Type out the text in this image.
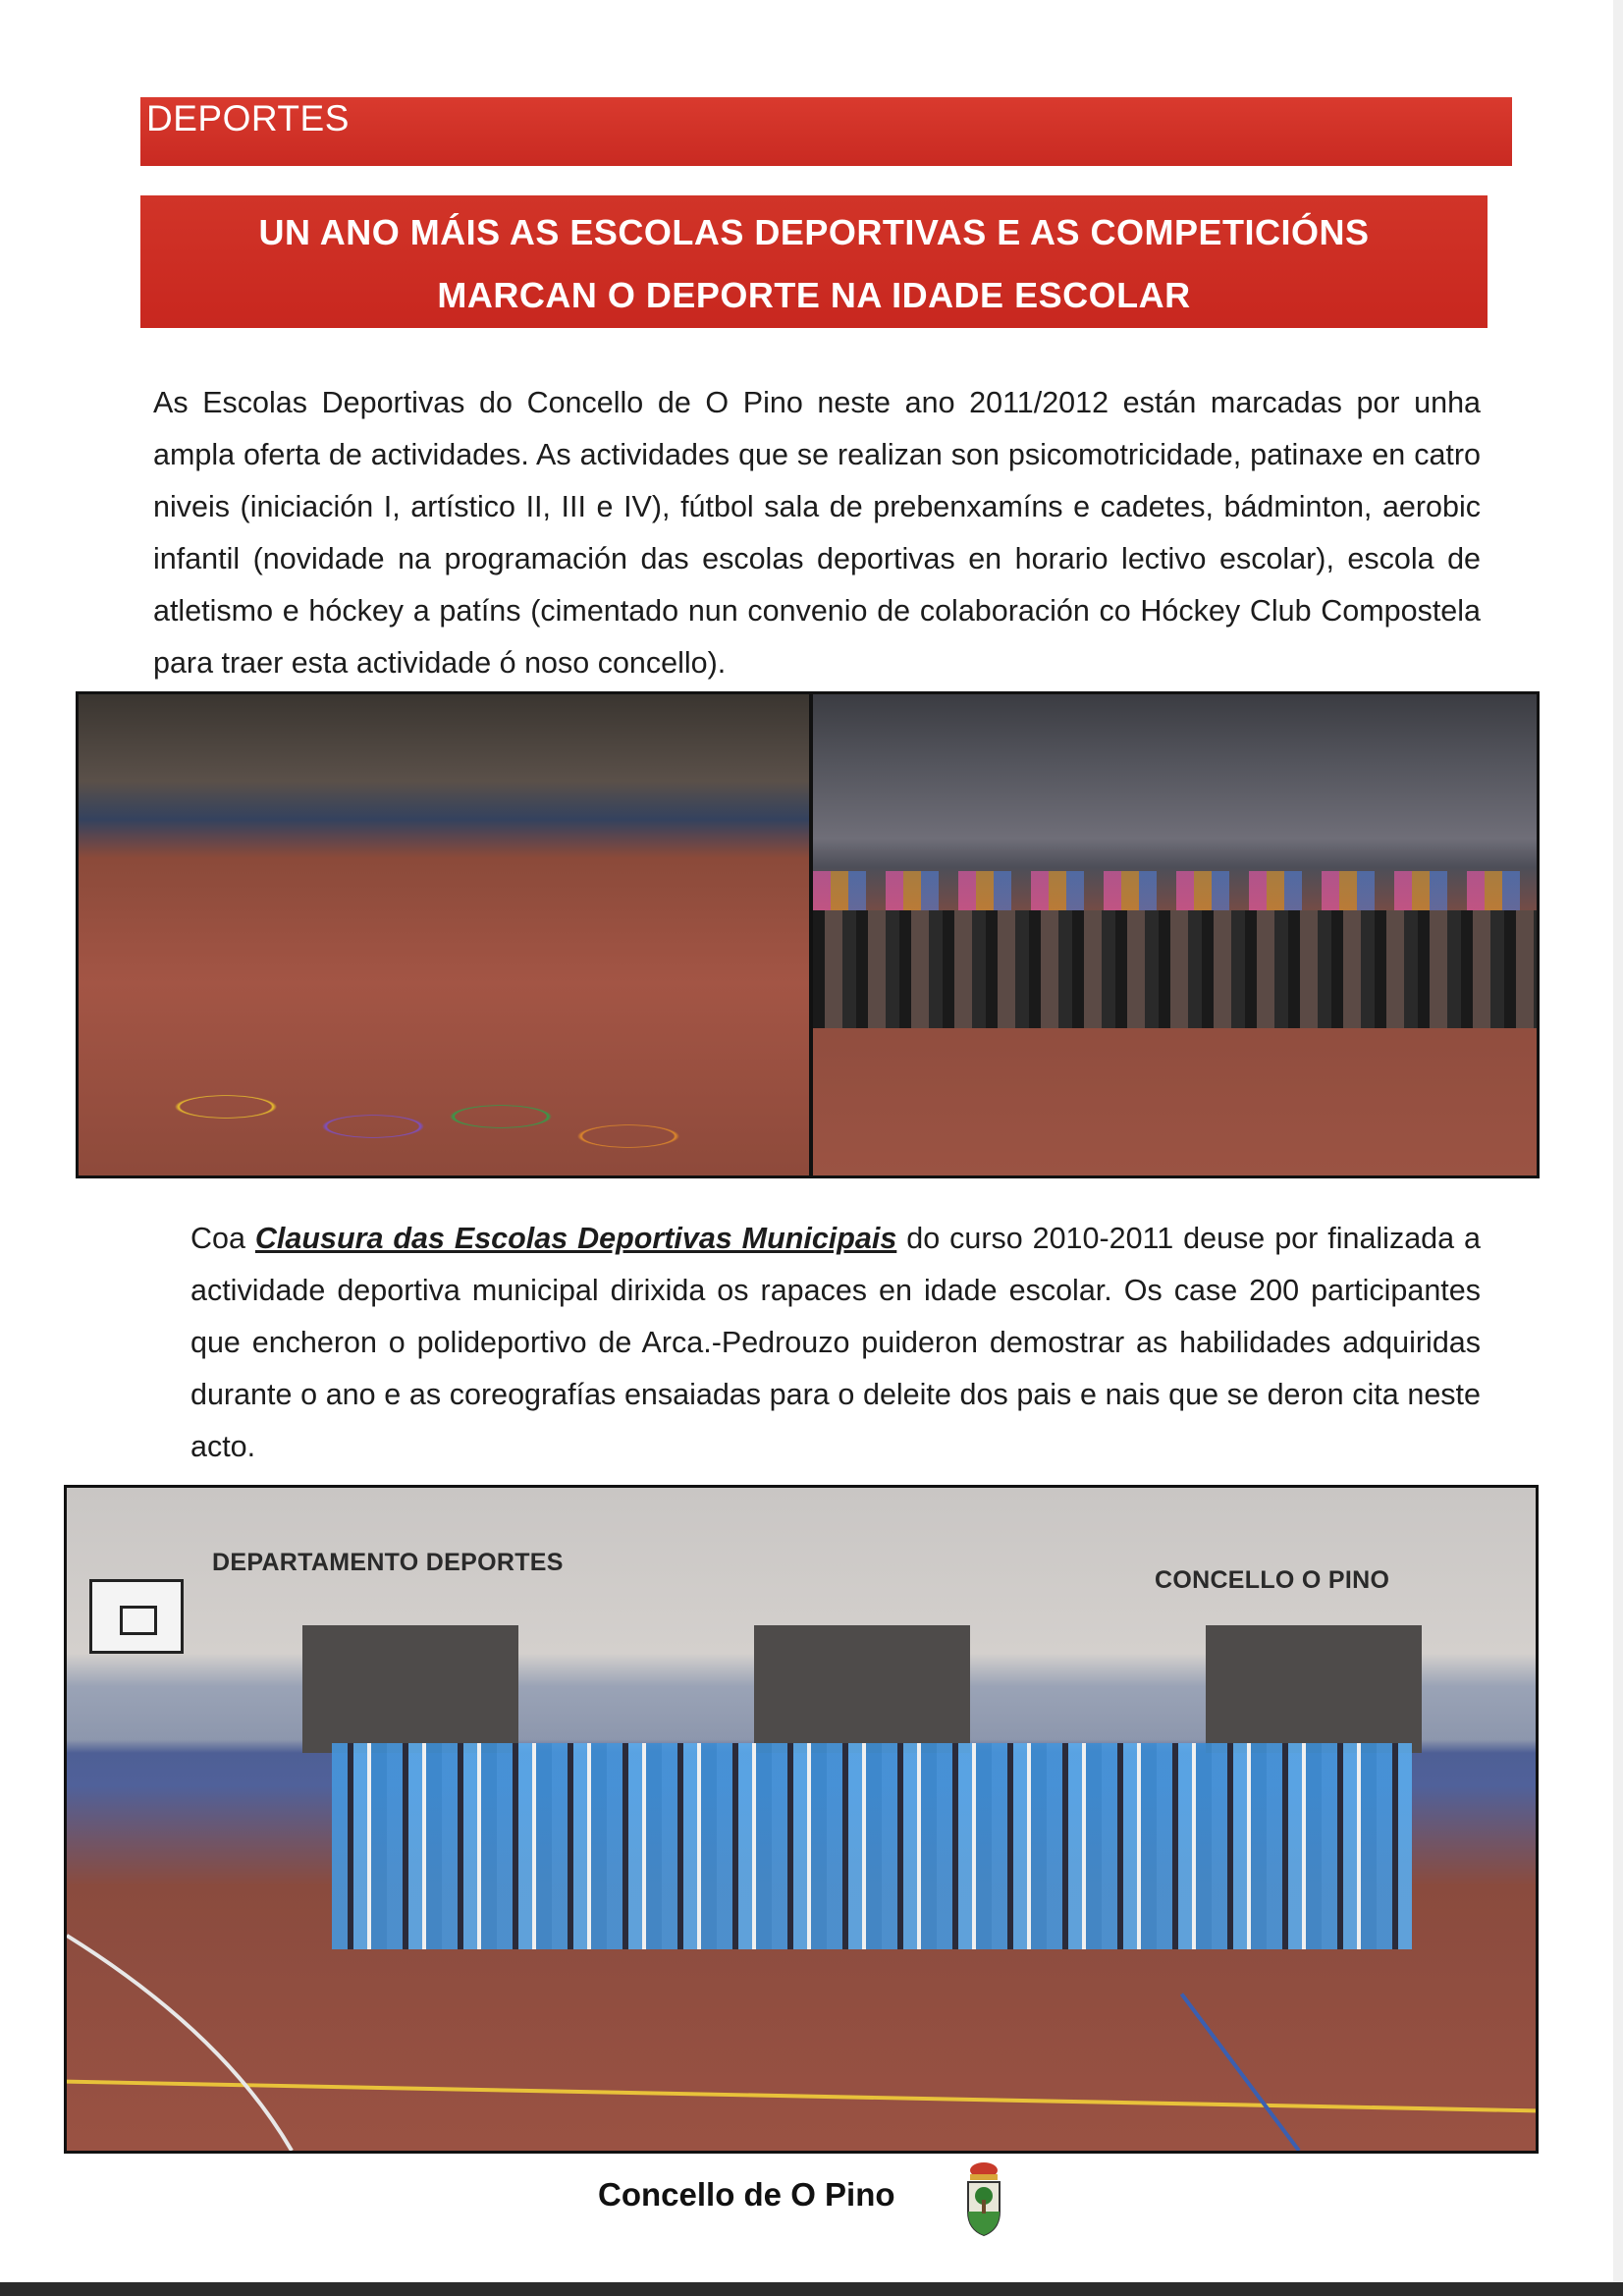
DEPORTES
UN ANO MÁIS AS ESCOLAS DEPORTIVAS E AS COMPETICIÓNS
MARCAN O DEPORTE NA IDADE ESCOLAR

As Escolas Deportivas do Concello de O Pino neste ano 2011/2012 están marcadas por unha ampla oferta de actividades. As actividades que se realizan son psicomotricidade, patinaxe en catro niveis (iniciación I, artístico II, III e IV), fútbol sala de prebenxamíns e cadetes, bádminton, aerobic infantil (novidade na programación das escolas deportivas en horario lectivo escolar), escola de atletismo e hóckey a patíns (cimentado nun convenio de colaboración co Hóckey Club Compostela para traer esta actividade ó noso concello).

Coa Clausura das Escolas Deportivas Municipais do curso 2010-2011 deuse por finalizada a actividade deportiva municipal dirixida os rapaces en idade escolar. Os case 200 participantes que encheron o polideportivo de Arca.-Pedrouzo puideron demostrar as habilidades adquiridas durante o ano e as coreografías ensaiadas para o deleite dos pais e nais que se deron cita neste acto.

DEPARTAMENTO DEPORTES
CONCELLO O PINO
Concello de O Pino
